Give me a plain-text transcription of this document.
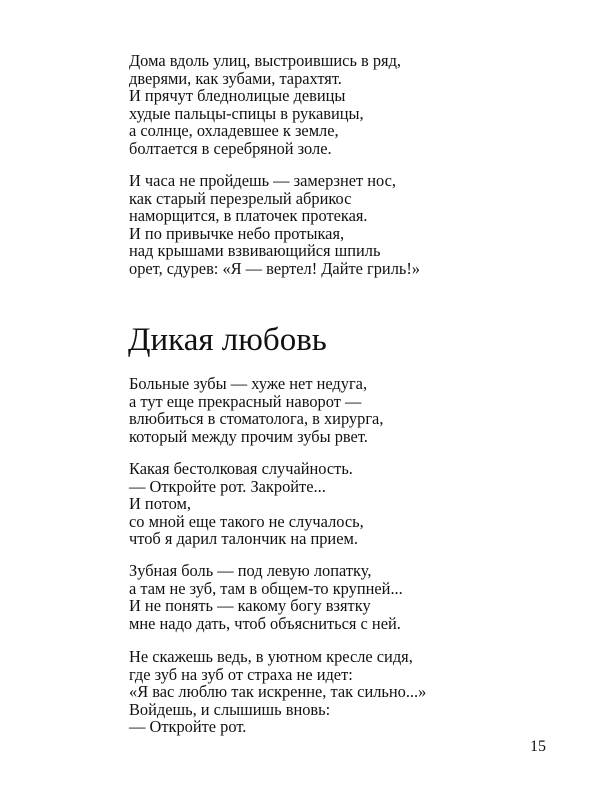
Дома вдоль улиц, выстроившись в ряд,
дверями, как зубами, тарахтят.
И прячут бледнолицые девицы
худые пальцы-спицы в рукавицы,
а солнце, охладевшее к земле,
болтается в серебряной золе.
И часа не пройдешь — замерзнет нос,
как старый перезрелый абрикос
наморщится, в платочек протекая.
И по привычке небо протыкая,
над крышами взвивающийся шпиль
орет, сдурев: «Я — вертел! Дайте гриль!»
Дикая любовь
Больные зубы — хуже нет недуга,
а тут еще прекрасный наворот —
влюбиться в стоматолога, в хирурга,
который между прочим зубы рвет.
Какая бестолковая случайность.
— Откройте рот. Закройте...
И потом,
со мной еще такого не случалось,
чтоб я дарил талончик на прием.
Зубная боль — под левую лопатку,
а там не зуб, там в общем-то крупней...
И не понять — какому богу взятку
мне надо дать, чтоб объясниться с ней.
Не скажешь ведь, в уютном кресле сидя,
где зуб на зуб от страха не идет:
«Я вас люблю так искренне, так сильно...»
Войдешь, и слышишь вновь:
— Откройте рот.
15
